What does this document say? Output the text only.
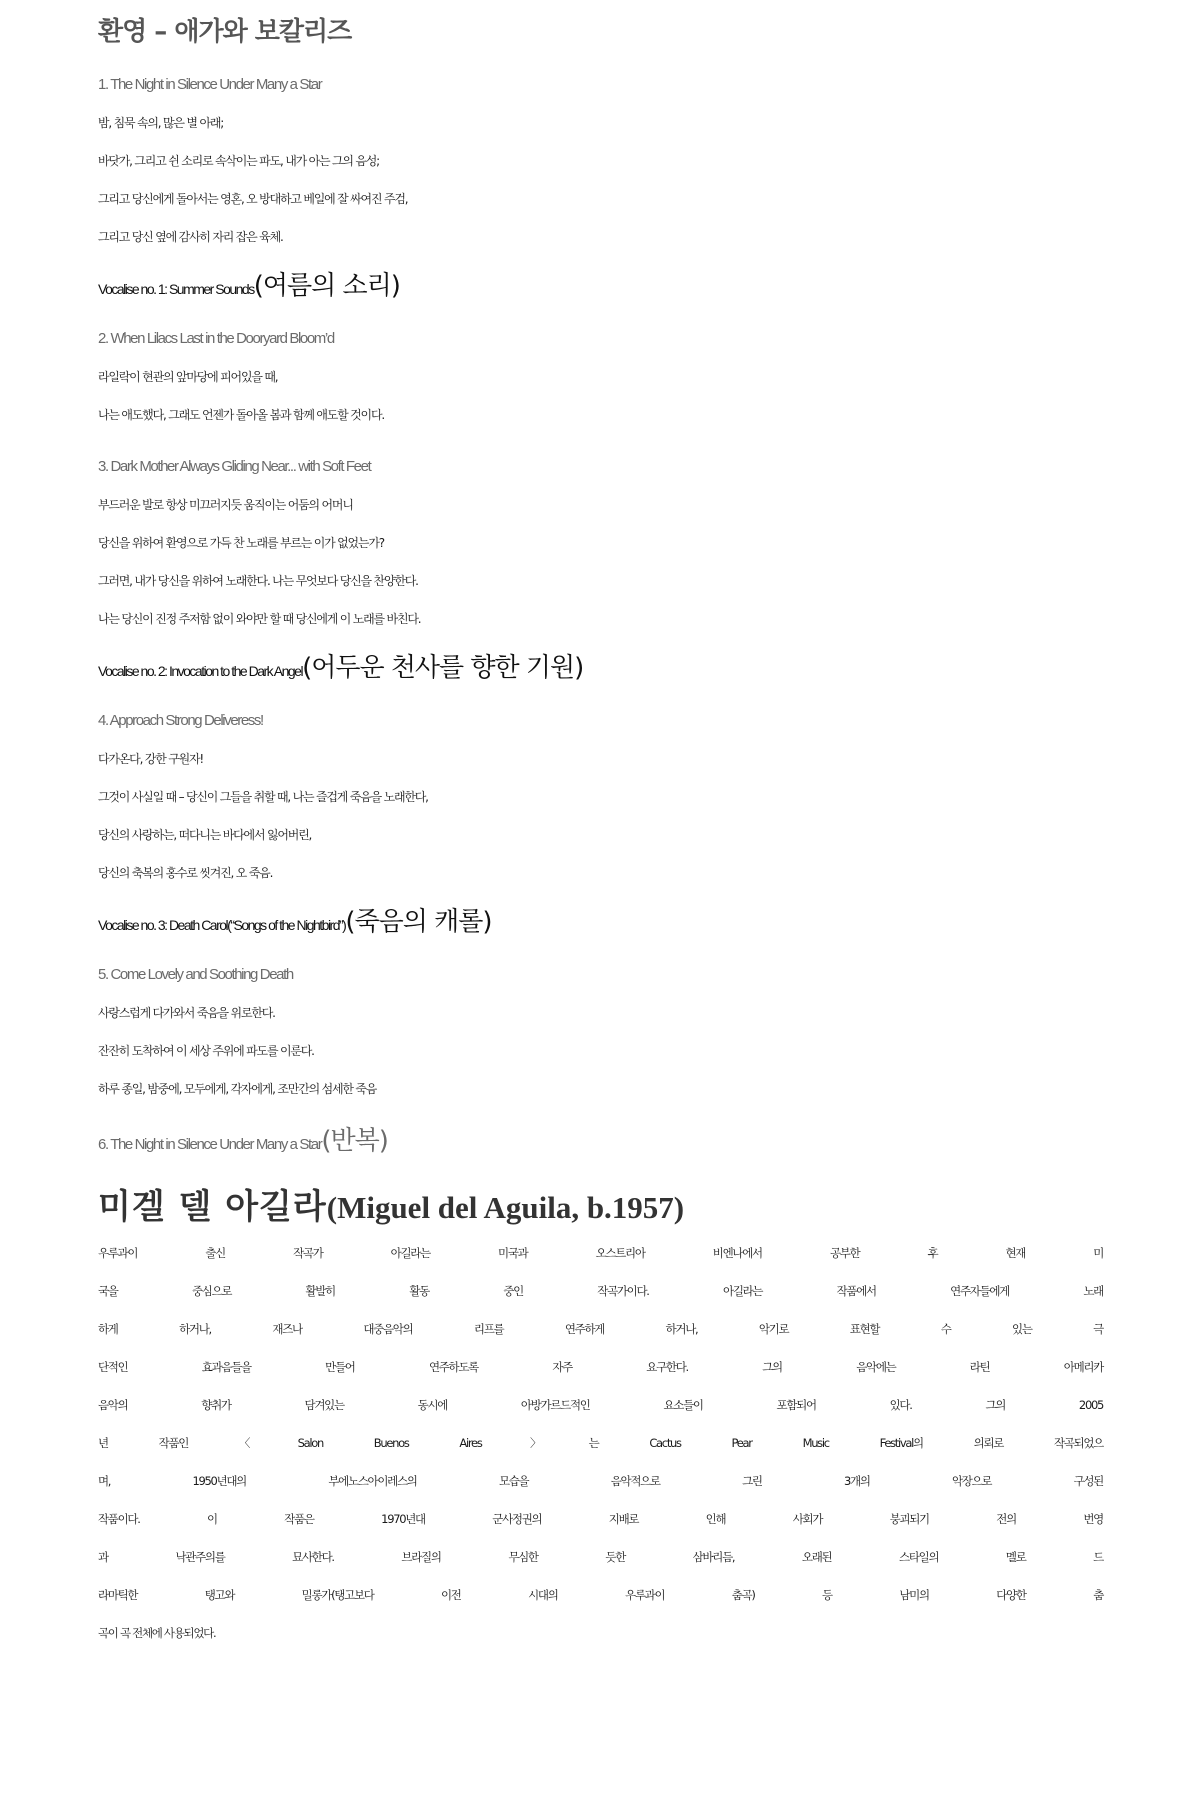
환영 – 애가와 보칼리즈
1. The Night in Silence Under Many a Star
밤, 침묵 속의, 많은 별 아래;
바닷가, 그리고 쉰 소리로 속삭이는 파도, 내가 아는 그의 음성;
그리고 당신에게 돌아서는 영혼, 오 방대하고 베일에 잘 싸여진 주검,
그리고 당신 옆에 감사히 자리 잡은 육체.
Vocalise no. 1: Summer Sounds(여름의 소리)
2. When Lilacs Last in the Dooryard Bloom’d
라일락이 현관의 앞마당에 피어있을 때,
나는 애도했다, 그래도 언젠가 돌아올 봄과 함께 애도할 것이다.
3. Dark Mother Always Gliding Near... with Soft Feet
부드러운 발로 항상 미끄러지듯 움직이는 어둠의 어머니
당신을 위하여 환영으로 가득 찬 노래를 부르는 이가 없었는가?
그러면, 내가 당신을 위하여 노래한다. 나는 무엇보다 당신을 찬양한다.
나는 당신이 진정 주저함 없이 와야만 할 때 당신에게 이 노래를 바친다.
Vocalise no. 2: Invocation to the Dark Angel(어두운 천사를 향한 기원)
4. Approach Strong Deliveress!
다가온다, 강한 구원자!
그것이 사실일 때 – 당신이 그들을 취할 때, 나는 즐겁게 죽음을 노래한다,
당신의 사랑하는, 떠다니는 바다에서 잃어버린,
당신의 축복의 홍수로 씻겨진, 오 죽음.
Vocalise no. 3: Death Carol(“Songs of the Nightbird”)(죽음의 캐롤)
5. Come Lovely and Soothing Death
사랑스럽게 다가와서 죽음을 위로한다.
잔잔히 도착하여 이 세상 주위에 파도를 이룬다.
하루 종일, 밤중에, 모두에게, 각자에게, 조만간의 섬세한 죽음
6. The Night in Silence Under Many a Star(반복)
미겔 델 아길라(Miguel del Aguila, b.1957)
우루과이 출신 작곡가 아길라는 미국과 오스트리아 비엔나에서 공부한 후 현재 미
국을 중심으로 활발히 활동 중인 작곡가이다. 아길라는 작품에서 연주자들에게 노래
하게 하거나, 재즈나 대중음악의 리프를 연주하게 하거나, 악기로 표현할 수 있는 극
단적인 효과음들을 만들어 연주하도록 자주 요구한다. 그의 음악에는 라틴 아메리카
음악의 향취가 담겨있는 동시에 아방가르드적인 요소들이 포함되어 있다. 그의 2005
년 작품인 〈Salon Buenos Aires〉는 Cactus Pear Music Festival의 의뢰로 작곡되었으
며, 1950년대의 부에노스아이레스의 모습을 음악적으로 그린 3개의 악장으로 구성된
작품이다. 이 작품은 1970년대 군사정권의 지배로 인해 사회가 붕괴되기 전의 번영
과 낙관주의를 묘사한다. 브라질의 무심한 듯한 삼바리듬, 오래된 스타일의 멜로 드
라마틱한 탱고와 밀롱가(탱고보다 이전 시대의 우루과이 춤곡) 등 남미의 다양한 춤
곡이 곡 전체에 사용되었다.
